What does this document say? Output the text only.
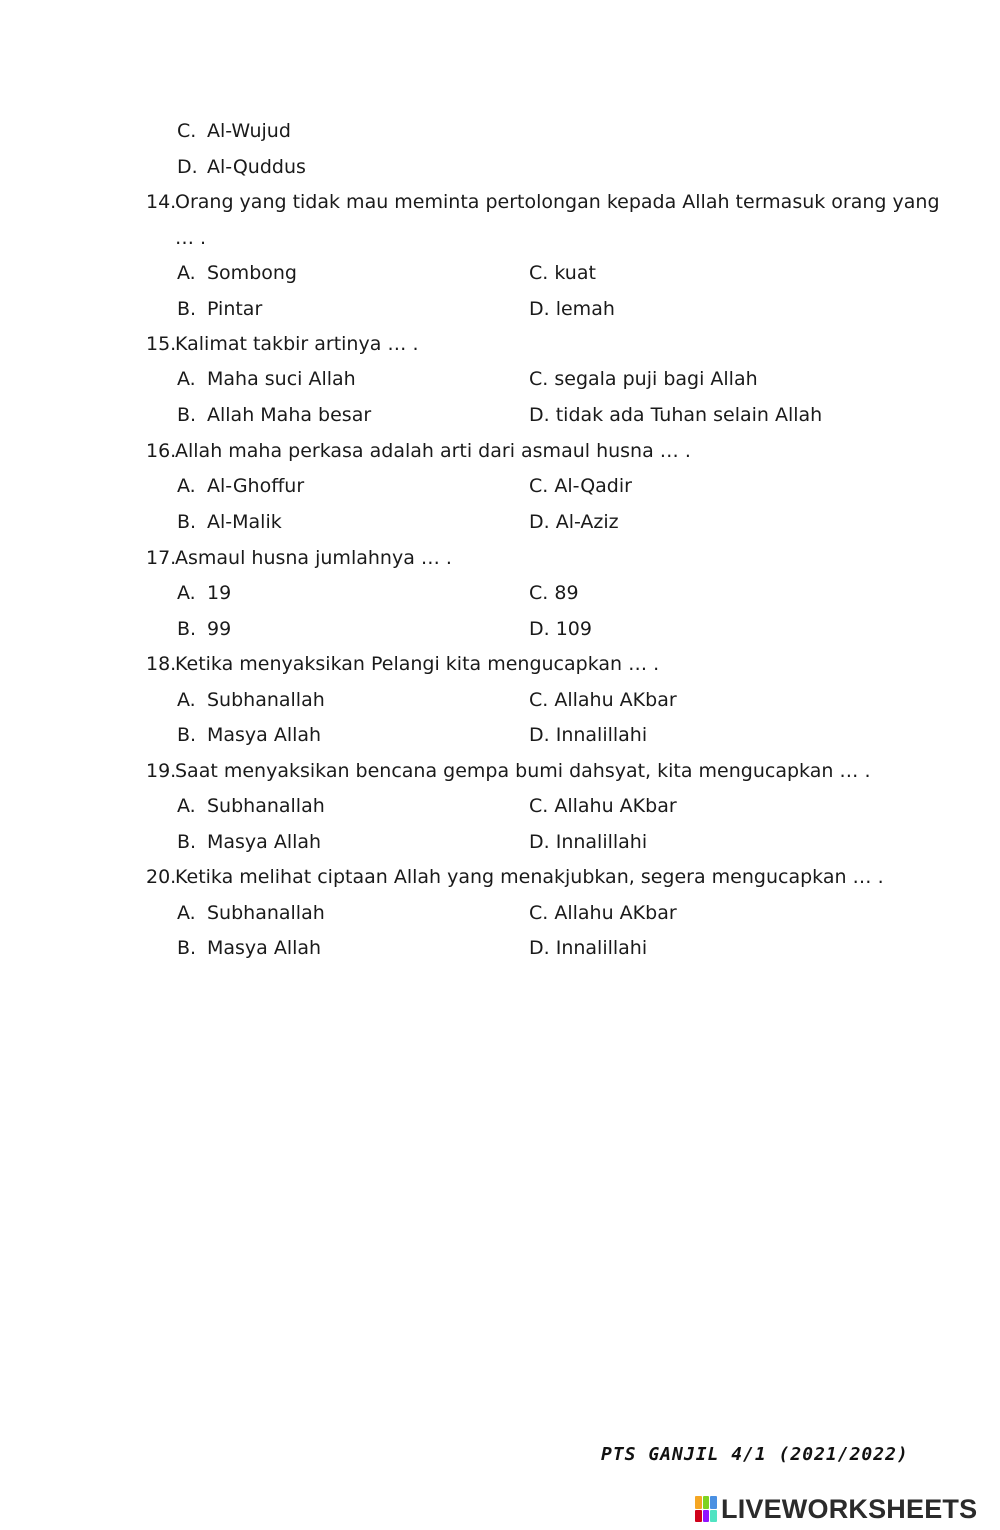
C. Al-Wujud
D. Al-Quddus
14.Orang yang tidak mau meminta pertolongan kepada Allah termasuk orang yang
… .
A. Sombong	C. kuat
B. Pintar	D. lemah
15.Kalimat takbir artinya … .
A. Maha suci Allah	C. segala puji bagi Allah
B. Allah Maha besar	D. tidak ada Tuhan selain Allah
16.Allah maha perkasa adalah arti dari asmaul husna … .
A. Al-Ghoffur	C. Al-Qadir
B. Al-Malik	D. Al-Aziz
17.Asmaul husna jumlahnya … .
A. 19	C. 89
B. 99	D. 109
18.Ketika menyaksikan Pelangi kita mengucapkan … .
A. Subhanallah	C. Allahu AKbar
B. Masya Allah	D. Innalillahi
19.Saat menyaksikan bencana gempa bumi dahsyat, kita mengucapkan … .
A. Subhanallah	C. Allahu AKbar
B. Masya Allah	D. Innalillahi
20.Ketika melihat ciptaan Allah yang menakjubkan, segera mengucapkan … .
A. Subhanallah	C. Allahu AKbar
B. Masya Allah	D. Innalillahi
PTS GANJIL 4/1 (2021/2022)
LIVEWORKSHEETS
